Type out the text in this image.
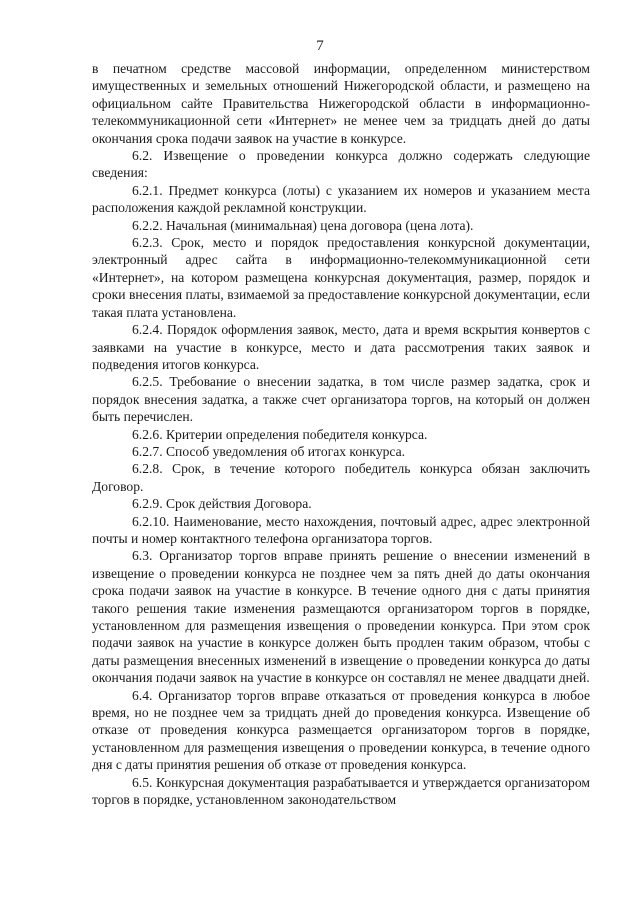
7

в печатном средстве массовой информации, определенном министерством имущественных и земельных отношений Нижегородской области, и размещено на официальном сайте Правительства Нижегородской области в информационно-телекоммуникационной сети «Интернет» не менее чем за тридцать дней до даты окончания срока подачи заявок на участие в конкурсе.

6.2. Извещение о проведении конкурса должно содержать следующие сведения:

6.2.1. Предмет конкурса (лоты) с указанием их номеров и указанием места расположения каждой рекламной конструкции.

6.2.2. Начальная (минимальная) цена договора (цена лота).

6.2.3. Срок, место и порядок предоставления конкурсной документации, электронный адрес сайта в информационно-телекоммуникационной сети «Интернет», на котором размещена конкурсная документация, размер, порядок и сроки внесения платы, взимаемой за предоставление конкурсной документации, если такая плата установлена.

6.2.4. Порядок оформления заявок, место, дата и время вскрытия конвертов с заявками на участие в конкурсе, место и дата рассмотрения таких заявок и подведения итогов конкурса.

6.2.5. Требование о внесении задатка, в том числе размер задатка, срок и порядок внесения задатка, а также счет организатора торгов, на который он должен быть перечислен.

6.2.6. Критерии определения победителя конкурса.

6.2.7. Способ уведомления об итогах конкурса.

6.2.8. Срок, в течение которого победитель конкурса обязан заключить Договор.

6.2.9. Срок действия Договора.

6.2.10. Наименование, место нахождения, почтовый адрес, адрес электронной почты и номер контактного телефона организатора торгов.

6.3. Организатор торгов вправе принять решение о внесении изменений в извещение о проведении конкурса не позднее чем за пять дней до даты окончания срока подачи заявок на участие в конкурсе. В течение одного дня с даты принятия такого решения такие изменения размещаются организатором торгов в порядке, установленном для размещения извещения о проведении конкурса. При этом срок подачи заявок на участие в конкурсе должен быть продлен таким образом, чтобы с даты размещения внесенных изменений в извещение о проведении конкурса до даты окончания подачи заявок на участие в конкурсе он составлял не менее двадцати дней.

6.4. Организатор торгов вправе отказаться от проведения конкурса в любое время, но не позднее чем за тридцать дней до проведения конкурса. Извещение об отказе от проведения конкурса размещается организатором торгов в порядке, установленном для размещения извещения о проведении конкурса, в течение одного дня с даты принятия решения об отказе от проведения конкурса.

6.5. Конкурсная документация разрабатывается и утверждается организатором торгов в порядке, установленном законодательством
